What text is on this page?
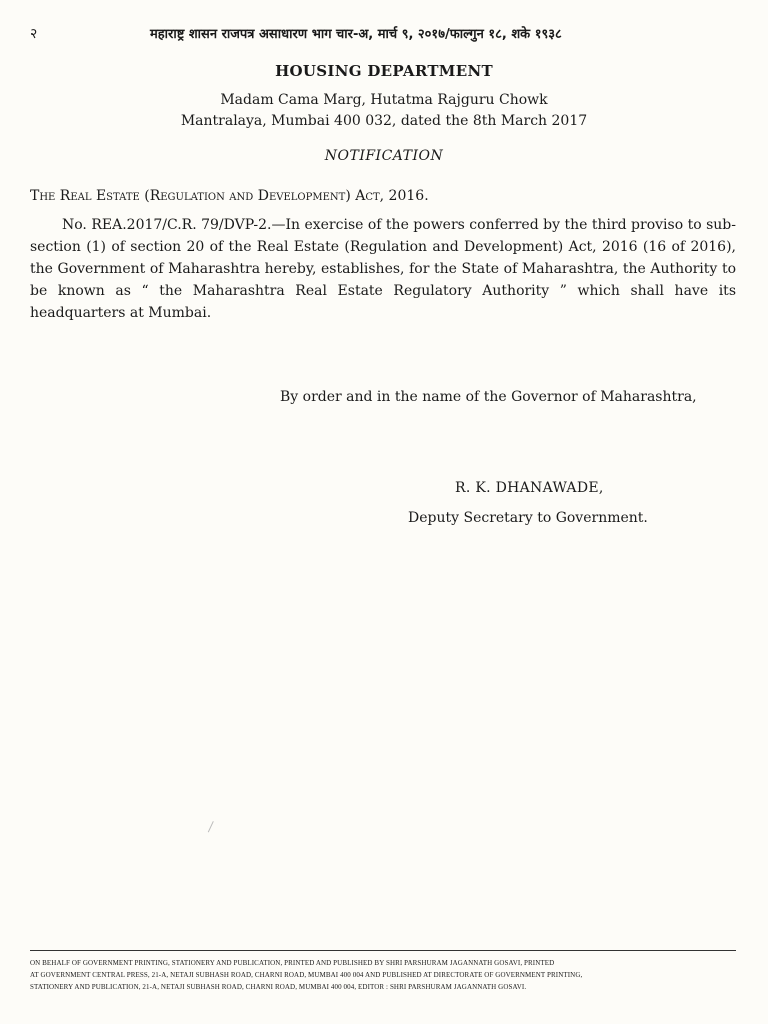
२	महाराष्ट्र शासन राजपत्र असाधारण भाग चार-अ, मार्च ९, २०१७/फाल्गुन १८, शके १९३८
HOUSING DEPARTMENT
Madam Cama Marg, Hutatma Rajguru Chowk
Mantralaya, Mumbai 400 032, dated the 8th March 2017
NOTIFICATION
The Real Estate (Regulation and Development) Act, 2016.
No. REA.2017/C.R. 79/DVP-2.—In exercise of the powers conferred by the third proviso to sub-section (1) of section 20 of the Real Estate (Regulation and Development) Act, 2016 (16 of 2016), the Government of Maharashtra hereby, establishes, for the State of Maharashtra, the Authority to be known as “ the Maharashtra Real Estate Regulatory Authority ” which shall have its headquarters at Mumbai.
By order and in the name of the Governor of Maharashtra,
R. K. DHANAWADE,
Deputy Secretary to Government.
ON BEHALF OF GOVERNMENT PRINTING, STATIONERY AND PUBLICATION, PRINTED AND PUBLISHED BY SHRI PARSHURAM JAGANNATH GOSAVI, PRINTED
AT GOVERNMENT CENTRAL PRESS, 21-A, NETAJI SUBHASH ROAD, CHARNI ROAD, MUMBAI 400 004 AND PUBLISHED AT DIRECTORATE OF GOVERNMENT PRINTING,
STATIONERY AND PUBLICATION, 21-A, NETAJI SUBHASH ROAD, CHARNI ROAD, MUMBAI 400 004, EDITOR : SHRI PARSHURAM JAGANNATH GOSAVI.
